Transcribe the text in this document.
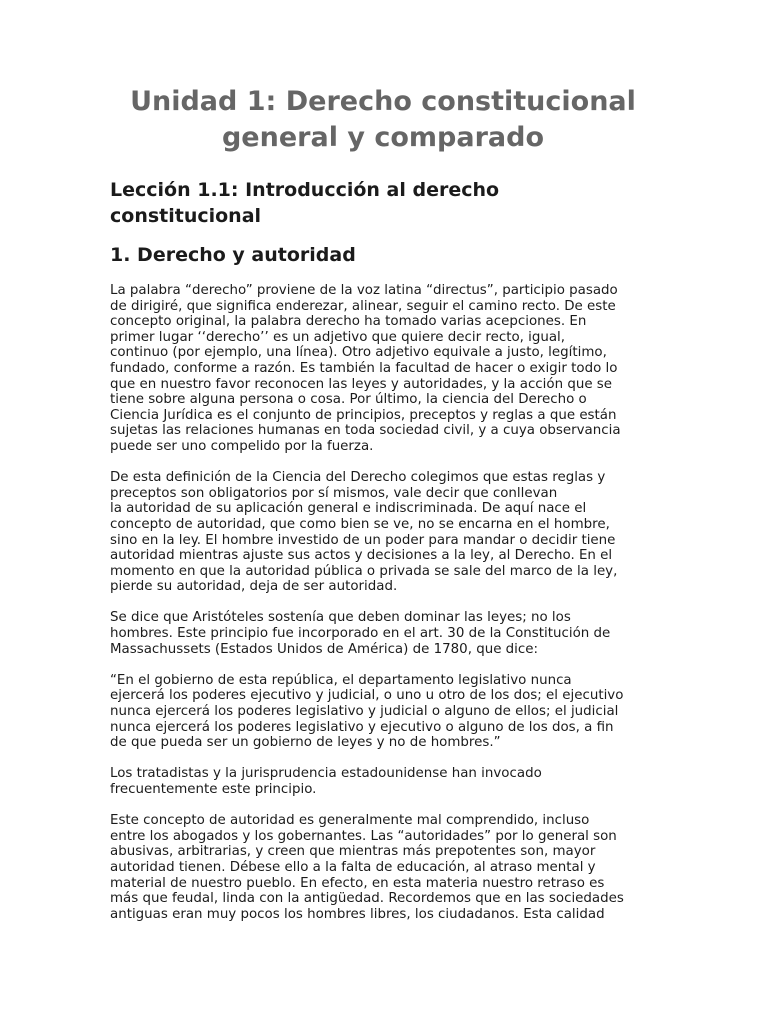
Unidad 1: Derecho constitucional general y comparado
Lección 1.1: Introducción al derecho constitucional
1. Derecho y autoridad

La palabra “derecho” proviene de la voz latina “directus”, participio pasado
de dirigiré, que significa enderezar, alinear, seguir el camino recto. De este
concepto original, la palabra derecho ha tomado varias acepciones. En
primer lugar ‘‘derecho’’ es un adjetivo que quiere decir recto, igual,
continuo (por ejemplo, una línea). Otro adjetivo equivale a justo, legítimo,
fundado, conforme a razón. Es también la facultad de hacer o exigir todo lo
que en nuestro favor reconocen las leyes y autoridades, y la acción que se
tiene sobre alguna persona o cosa. Por último, la ciencia del Derecho o
Ciencia Jurídica es el conjunto de principios, preceptos y reglas a que están
sujetas las relaciones humanas en toda sociedad civil, y a cuya observancia
puede ser uno compelido por la fuerza.

De esta definición de la Ciencia del Derecho colegimos que estas reglas y
preceptos son obligatorios por sí mismos, vale decir que conllevan
la autoridad de su aplicación general e indiscriminada. De aquí nace el
concepto de autoridad, que como bien se ve, no se encarna en el hombre,
sino en la ley. El hombre investido de un poder para mandar o decidir tiene
autoridad mientras ajuste sus actos y decisiones a la ley, al Derecho. En el
momento en que la autoridad pública o privada se sale del marco de la ley,
pierde su autoridad, deja de ser autoridad.

Se dice que Aristóteles sostenía que deben dominar las leyes; no los
hombres. Este principio fue incorporado en el art. 30 de la Constitución de
Massachussets (Estados Unidos de América) de 1780, que dice:

“En el gobierno de esta república, el departamento legislativo nunca
ejercerá los poderes ejecutivo y judicial, o uno u otro de los dos; el ejecutivo
nunca ejercerá los poderes legislativo y judicial o alguno de ellos; el judicial
nunca ejercerá los poderes legislativo y ejecutivo o alguno de los dos, a fin
de que pueda ser un gobierno de leyes y no de hombres.”

Los tratadistas y la jurisprudencia estadounidense han invocado
frecuentemente este principio.

Este concepto de autoridad es generalmente mal comprendido, incluso
entre los abogados y los gobernantes. Las “autoridades” por lo general son
abusivas, arbitrarias, y creen que mientras más prepotentes son, mayor
autoridad tienen. Débese ello a la falta de educación, al atraso mental y
material de nuestro pueblo. En efecto, en esta materia nuestro retraso es
más que feudal, linda con la antigüedad. Recordemos que en las sociedades
antiguas eran muy pocos los hombres libres, los ciudadanos. Esta calidad
